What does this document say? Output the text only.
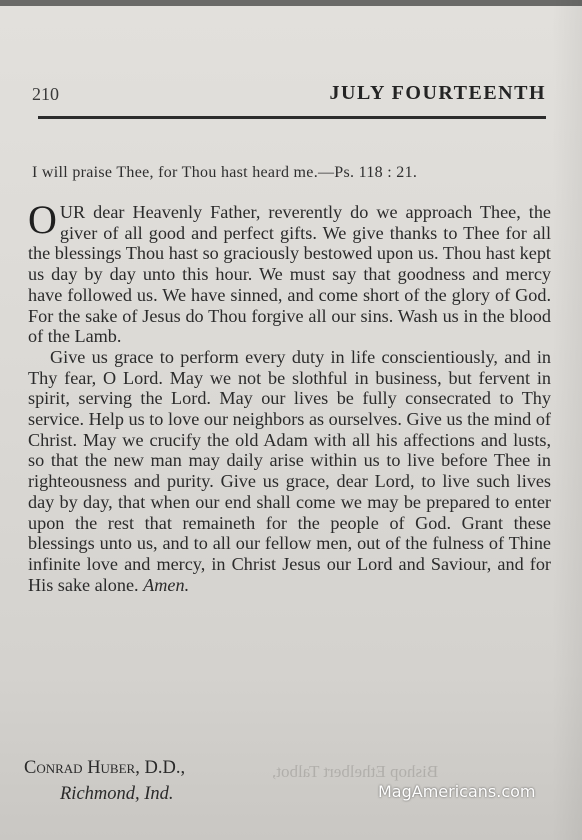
210	JULY FOURTEENTH
I will praise Thee, for Thou hast heard me.—Ps. 118 : 21.

OUR dear Heavenly Father, reverently do we approach Thee, the giver of all good and perfect gifts. We give thanks to Thee for all the blessings Thou hast so graciously bestowed upon us. Thou hast kept us day by day unto this hour. We must say that goodness and mercy have followed us. We have sinned, and come short of the glory of God. For the sake of Jesus do Thou forgive all our sins. Wash us in the blood of the Lamb.

Give us grace to perform every duty in life conscientiously, and in Thy fear, O Lord. May we not be slothful in business, but fervent in spirit, serving the Lord. May our lives be fully consecrated to Thy service. Help us to love our neighbors as ourselves. Give us the mind of Christ. May we crucify the old Adam with all his affections and lusts, so that the new man may daily arise within us to live before Thee in righteousness and purity. Give us grace, dear Lord, to live such lives day by day, that when our end shall come we may be prepared to enter upon the rest that remaineth for the people of God. Grant these blessings unto us, and to all our fellow men, out of the fulness of Thine infinite love and mercy, in Christ Jesus our Lord and Saviour, and for His sake alone. Amen.

Conrad Huber, D.D.,
Richmond, Ind.
Bishop Ethelbert Talbot,
MagAmericans.com
